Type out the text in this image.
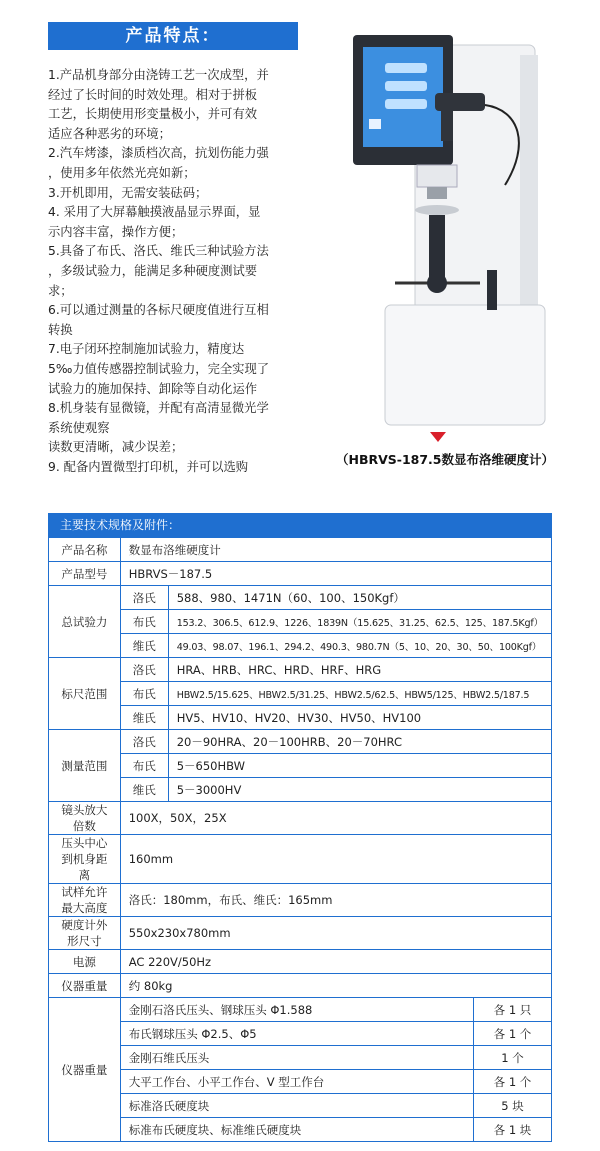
产品特点：
1.产品机身部分由浇铸工艺一次成型，并
经过了长时间的时效处理。相对于拼板
工艺，长期使用形变量极小，并可有效
适应各种恶劣的环境；
2.汽车烤漆，漆质档次高，抗划伤能力强
，使用多年依然光亮如新；
3.开机即用，无需安装砝码；
4. 采用了大屏幕触摸液晶显示界面，显
示内容丰富，操作方便；
5.具备了布氏、洛氏、维氏三种试验方法
，多级试验力，能满足多种硬度测试要
求；
6.可以通过测量的各标尺硬度值进行互相
转换
7.电子闭环控制施加试验力，精度达
5‰力值传感器控制试验力，完全实现了
试验力的施加保持、卸除等自动化运作
8.机身装有显微镜，并配有高清显微光学
系统使观察
读数更清晰，减少误差；
9. 配备内置微型打印机，并可以选购	（HBRVS-187.5数显布洛维硬度计）
主要技术规格及附件：
产品名称	数显布洛维硬度计		
产品型号	HBRVS－187.5		
总试验力	洛氏	588、980、1471N（60、100、150Kgf）	
	布氏	153.2、306.5、612.9、1226、1839N（15.625、31.25、62.5、125、187.5Kgf）	
	维氏	49.03、98.07、196.1、294.2、490.3、980.7N（5、10、20、30、50、100Kgf）	
标尺范围	洛氏	HRA、HRB、HRC、HRD、HRF、HRG	
	布氏	HBW2.5/15.625、HBW2.5/31.25、HBW2.5/62.5、HBW5/125、HBW2.5/187.5	
	维氏	HV5、HV10、HV20、HV30、HV50、HV100	
测量范围	洛氏	20－90HRA、20－100HRB、20－70HRC	
	布氏	5－650HBW	
	维氏	5－3000HV	
镜头放大倍数	100X，50X，25X		
压头中心到机身距离	160mm		
试样允许最大高度	洛氏：180mm，布氏、维氏：165mm		
硬度计外形尺寸	550x230x780mm		
电源	AC 220V/50Hz		
仪器重量	约 80kg		
仪器重量	金刚石洛氏压头、钢球压头 Φ1.588		各 1 只
	布氏钢球压头 Φ2.5、Φ5		各 1 个
	金刚石维氏压头		1 个
	大平工作台、小平工作台、V 型工作台		各 1 个
	标准洛氏硬度块		5 块
	标准布氏硬度块、标准维氏硬度块		各 1 块
